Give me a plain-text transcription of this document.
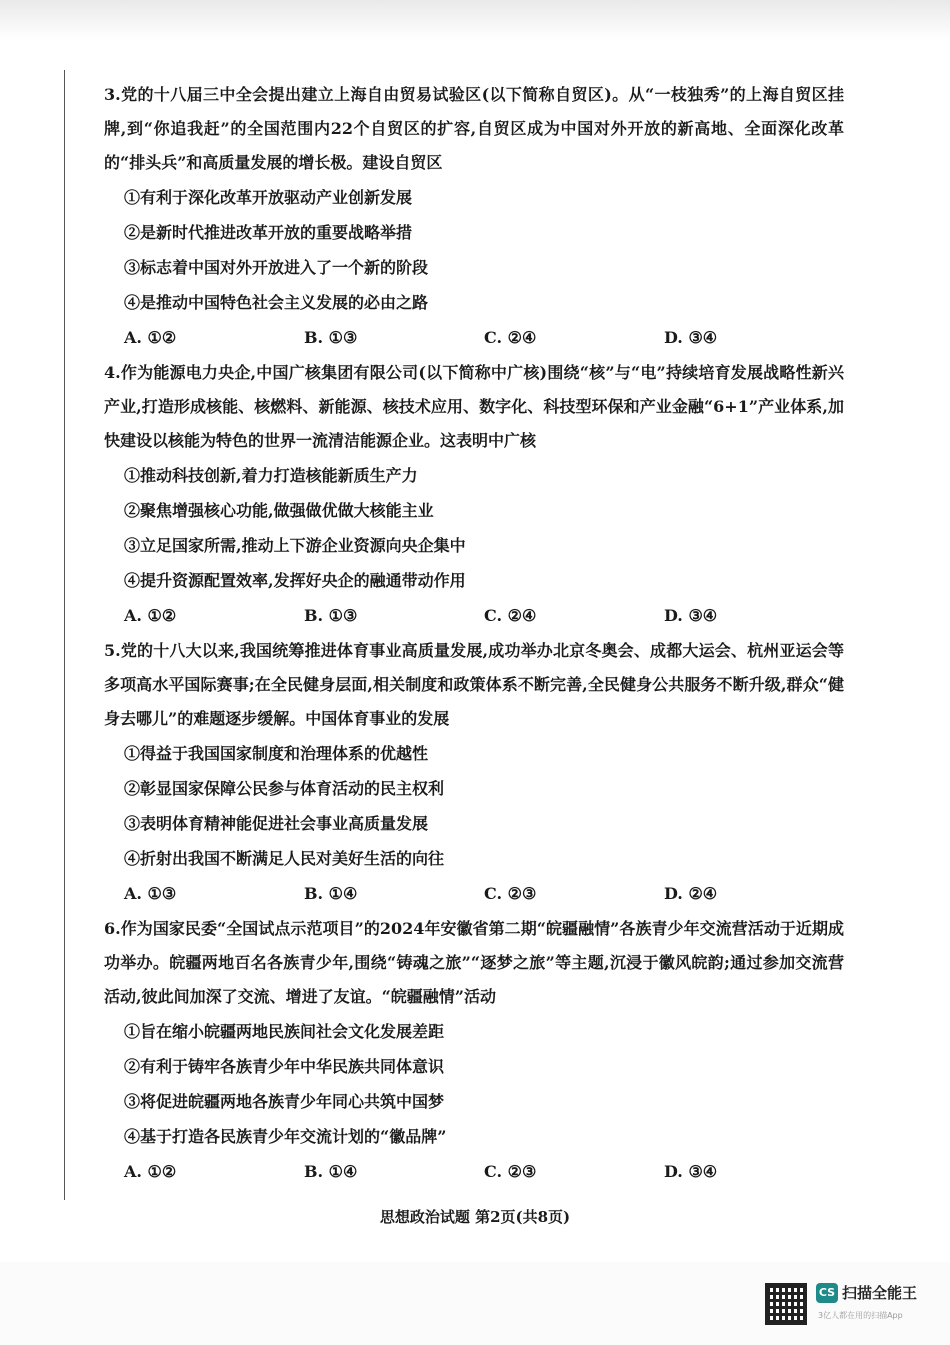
3.党的十八届三中全会提出建立上海自由贸易试验区(以下简称自贸区)。从“一枝独秀”的上海自贸区挂牌,到“你追我赶”的全国范围内22个自贸区的扩容,自贸区成为中国对外开放的新高地、全面深化改革的“排头兵”和高质量发展的增长极。建设自贸区

①有利于深化改革开放驱动产业创新发展

②是新时代推进改革开放的重要战略举措

③标志着中国对外开放进入了一个新的阶段

④是推动中国特色社会主义发展的必由之路

A. ①②	B. ①③	C. ②④	D. ③④

4.作为能源电力央企,中国广核集团有限公司(以下简称中广核)围绕“核”与“电”持续培育发展战略性新兴产业,打造形成核能、核燃料、新能源、核技术应用、数字化、科技型环保和产业金融“6+1”产业体系,加快建设以核能为特色的世界一流清洁能源企业。这表明中广核

①推动科技创新,着力打造核能新质生产力

②聚焦增强核心功能,做强做优做大核能主业

③立足国家所需,推动上下游企业资源向央企集中

④提升资源配置效率,发挥好央企的融通带动作用

A. ①②	B. ①③	C. ②④	D. ③④

5.党的十八大以来,我国统筹推进体育事业高质量发展,成功举办北京冬奥会、成都大运会、杭州亚运会等多项高水平国际赛事;在全民健身层面,相关制度和政策体系不断完善,全民健身公共服务不断升级,群众“健身去哪儿”的难题逐步缓解。中国体育事业的发展

①得益于我国国家制度和治理体系的优越性

②彰显国家保障公民参与体育活动的民主权利

③表明体育精神能促进社会事业高质量发展

④折射出我国不断满足人民对美好生活的向往

A. ①③	B. ①④	C. ②③	D. ②④

6.作为国家民委“全国试点示范项目”的2024年安徽省第二期“皖疆融情”各族青少年交流营活动于近期成功举办。皖疆两地百名各族青少年,围绕“铸魂之旅”“逐梦之旅”等主题,沉浸于徽风皖韵;通过参加交流营活动,彼此间加深了交流、增进了友谊。“皖疆融情”活动

①旨在缩小皖疆两地民族间社会文化发展差距

②有利于铸牢各族青少年中华民族共同体意识

③将促进皖疆两地各族青少年同心共筑中国梦

④基于打造各民族青少年交流计划的“徽品牌”

A. ①②	B. ①④	C. ②③	D. ③④
思想政治试题 第2页(共8页)
CS 扫描全能王
3亿人都在用的扫描App
